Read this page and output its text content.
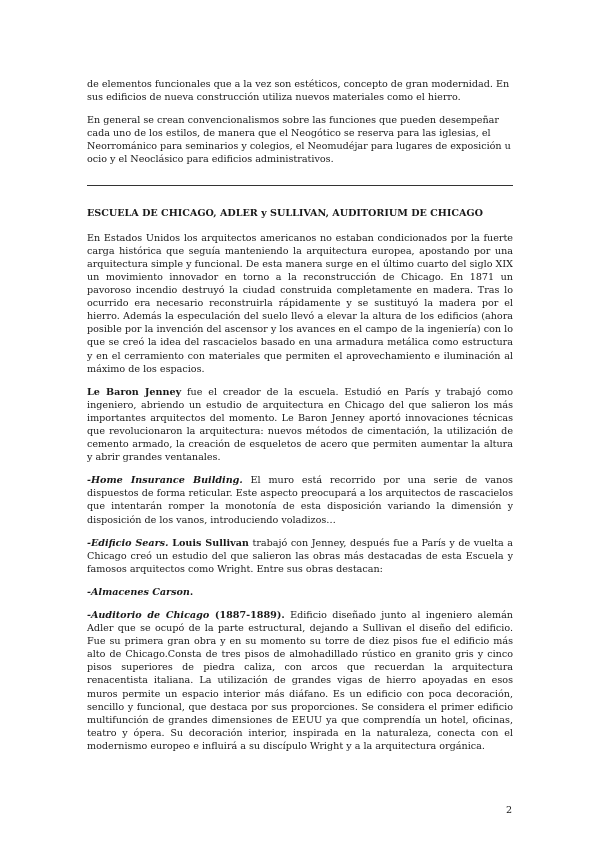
de elementos funcionales que a la vez son estéticos, concepto de gran modernidad. En sus edificios de nueva construcción utiliza nuevos materiales como el hierro.

En general se crean convencionalismos sobre las funciones que pueden desempeñar cada uno de los estilos, de manera que el Neogótico se reserva para las iglesias, el Neorrománico para seminarios y colegios, el Neomudéjar para lugares de exposición u ocio y el Neoclásico para edificios administrativos.

ESCUELA DE CHICAGO, ADLER y SULLIVAN, AUDITORIUM DE CHICAGO

En Estados Unidos los arquitectos americanos no estaban condicionados por la fuerte carga histórica que seguía manteniendo la arquitectura europea, apostando por una arquitectura simple y funcional. De esta manera surge en el último cuarto del siglo XIX un movimiento innovador en torno a la reconstrucción de Chicago. En 1871 un pavoroso incendio destruyó la ciudad construida completamente en madera. Tras lo ocurrido era necesario reconstruirla rápidamente y se sustituyó la madera por el hierro. Además la especulación del suelo llevó a elevar la altura de los edificios (ahora posible por la invención del ascensor y los avances en el campo de la ingeniería) con lo que se creó la idea del rascacielos basado en una armadura metálica como estructura y en el cerramiento con materiales que permiten el aprovechamiento e iluminación al máximo de los espacios.

Le Baron Jenney fue el creador de la escuela. Estudió en París y trabajó como ingeniero, abriendo un estudio de arquitectura en Chicago del que salieron los más importantes arquitectos del momento. Le Baron Jenney aportó innovaciones técnicas que revolucionaron la arquitectura: nuevos métodos de cimentación, la utilización de cemento armado, la creación de esqueletos de acero que permiten aumentar la altura y abrir grandes ventanales.

-Home Insurance Building. El muro está recorrido por una serie de vanos dispuestos de forma reticular. Este aspecto preocupará a los arquitectos de rascacielos que intentarán romper la monotonía de esta disposición variando la dimensión y disposición de los vanos, introduciendo voladizos…

-Edificio Sears. Louis Sullivan trabajó con Jenney, después fue a París y de vuelta a Chicago creó un estudio del que salieron las obras más destacadas de esta Escuela y famosos arquitectos como Wright. Entre sus obras destacan:

-Almacenes Carson.

-Auditorio de Chicago (1887-1889). Edificio diseñado junto al ingeniero alemán Adler que se ocupó de la parte estructural, dejando a Sullivan el diseño del edificio. Fue su primera gran obra y en su momento su torre de diez pisos fue el edificio más alto de Chicago.Consta de tres pisos de almohadillado rústico en granito gris y cinco pisos superiores de piedra caliza, con arcos que recuerdan la arquitectura renacentista italiana. La utilización de grandes vigas de hierro apoyadas en esos muros permite un espacio interior más diáfano. Es un edificio con poca decoración, sencillo y funcional, que destaca por sus proporciones. Se considera el primer edificio multifunción de grandes dimensiones de EEUU ya que comprendía un hotel, oficinas, teatro y ópera. Su decoración interior, inspirada en la naturaleza, conecta con el modernismo europeo e influirá a su discípulo Wright y a la arquitectura orgánica.

2
